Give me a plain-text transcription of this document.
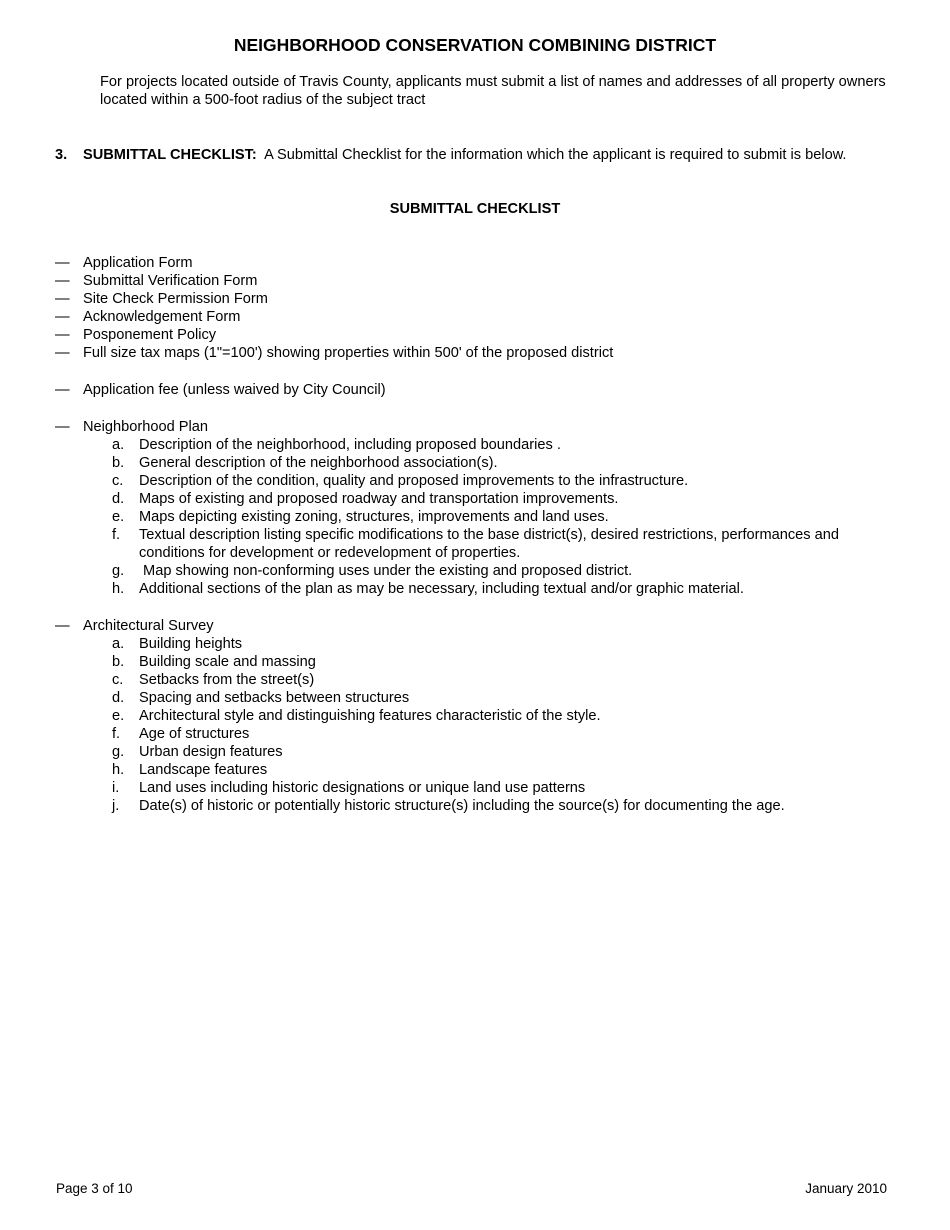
NEIGHBORHOOD CONSERVATION COMBINING DISTRICT
For projects located outside of Travis County, applicants must submit a list of names and addresses of all property owners located within a 500-foot radius of the subject tract
3. SUBMITTAL CHECKLIST: A Submittal Checklist for the information which the applicant is required to submit is below.
SUBMITTAL CHECKLIST
— Application Form
— Submittal Verification Form
— Site Check Permission Form
— Acknowledgement Form
— Posponement Policy
— Full size tax maps (1"=100') showing properties within 500' of the proposed district
— Application fee (unless waived by City Council)
— Neighborhood Plan
a. Description of the neighborhood, including proposed boundaries .
b. General description of the neighborhood association(s).
c. Description of the condition, quality and proposed improvements to the infrastructure.
d. Maps of existing and proposed roadway and transportation improvements.
e. Maps depicting existing zoning, structures, improvements and land uses.
f. Textual description listing specific modifications to the base district(s), desired restrictions, performances and conditions for development or redevelopment of properties.
g. Map showing non-conforming uses under the existing and proposed district.
h. Additional sections of the plan as may be necessary, including textual and/or graphic material.
— Architectural Survey
a. Building heights
b. Building scale and massing
c. Setbacks from the street(s)
d. Spacing and setbacks between structures
e. Architectural style and distinguishing features characteristic of the style.
f. Age of structures
g. Urban design features
h. Landscape features
i. Land uses including historic designations or unique land use patterns
j. Date(s) of historic or potentially historic structure(s) including the source(s) for documenting the age.
Page 3 of 10	January 2010
